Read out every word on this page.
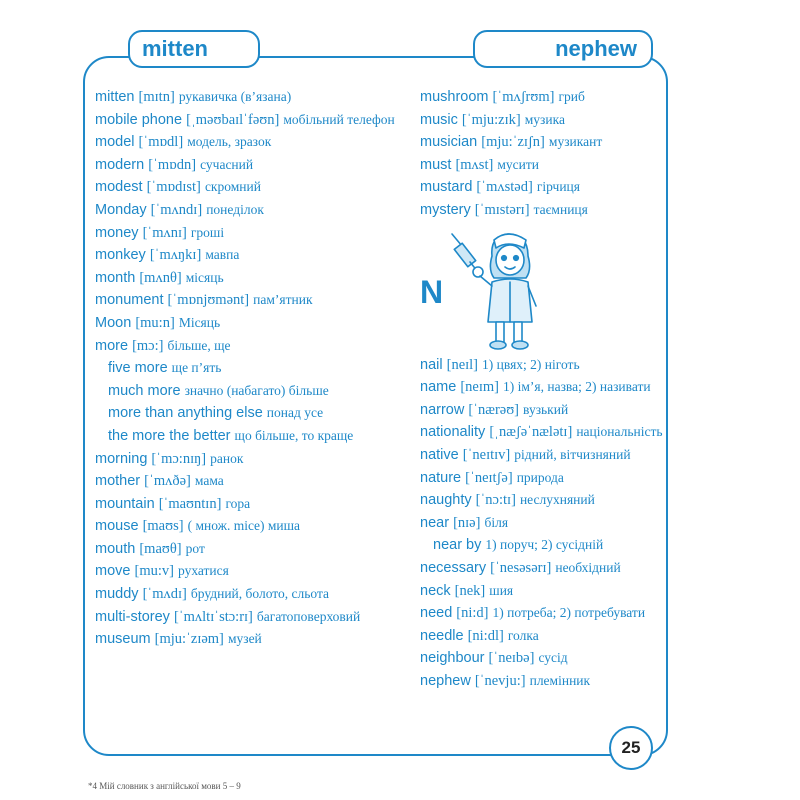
mitten	nephew
mitten [mɪtn] рукавичка (в’язана)
mobile phone [ˌməʊbaɪlˈfəʊn] мобільний телефон
model [ˈmɒdl] модель, зразок
modern [ˈmɒdn] сучасний
modest [ˈmɒdɪst] скромний
Monday [ˈmʌndɪ] понеділок
money [ˈmʌnɪ] гроші
monkey [ˈmʌŋkɪ] мавпа
month [mʌnθ] місяць
monument [ˈmɒnjʊmənt] пам’ятник
Moon [mu:n] Місяць
more [mɔ:] більше, ще
five more ще п’ять
much more значно (набагато) більше
more than anything else понад усе
the more the better що більше, то краще
morning [ˈmɔ:nɪŋ] ранок
mother [ˈmʌðə] мама
mountain [ˈmaʊntɪn] гора
mouse [maʊs] ( множ. mice) миша
mouth [maʊθ] рот
move [mu:v] рухатися
muddy [ˈmʌdɪ] брудний, болото, сльота
multi-storey [ˈmʌltɪˈstɔ:rɪ] багатоповерховий
museum [mju:ˈzɪəm] музей
mushroom [ˈmʌʃrʊm] гриб
music [ˈmju:zɪk] музика
musician [mju:ˈzɪʃn] музикант
must [mʌst] мусити
mustard [ˈmʌstəd] гірчиця
mystery [ˈmɪstərɪ] таємниця
N
nail [neɪl] 1) цвях; 2) ніготь
name [neɪm] 1) ім’я, назва; 2) називати
narrow [ˈnærəʊ] вузький
nationality [ˌnæʃəˈnælətɪ] національність
native [ˈneɪtɪv] рідний, вітчизняний
nature [ˈneɪtʃə] природа
naughty [ˈnɔ:tɪ] неслухняний
near [nɪə] біля
near by 1) поруч; 2) сусідній
necessary [ˈnesəsərɪ] необхідний
neck [nek] шия
need [ni:d] 1) потреба; 2) потребувати
needle [ni:dl] голка
neighbour [ˈneɪbə] сусід
nephew [ˈnevju:] племінник
25
*4 Мій словник з англійської мови 5 – 9
